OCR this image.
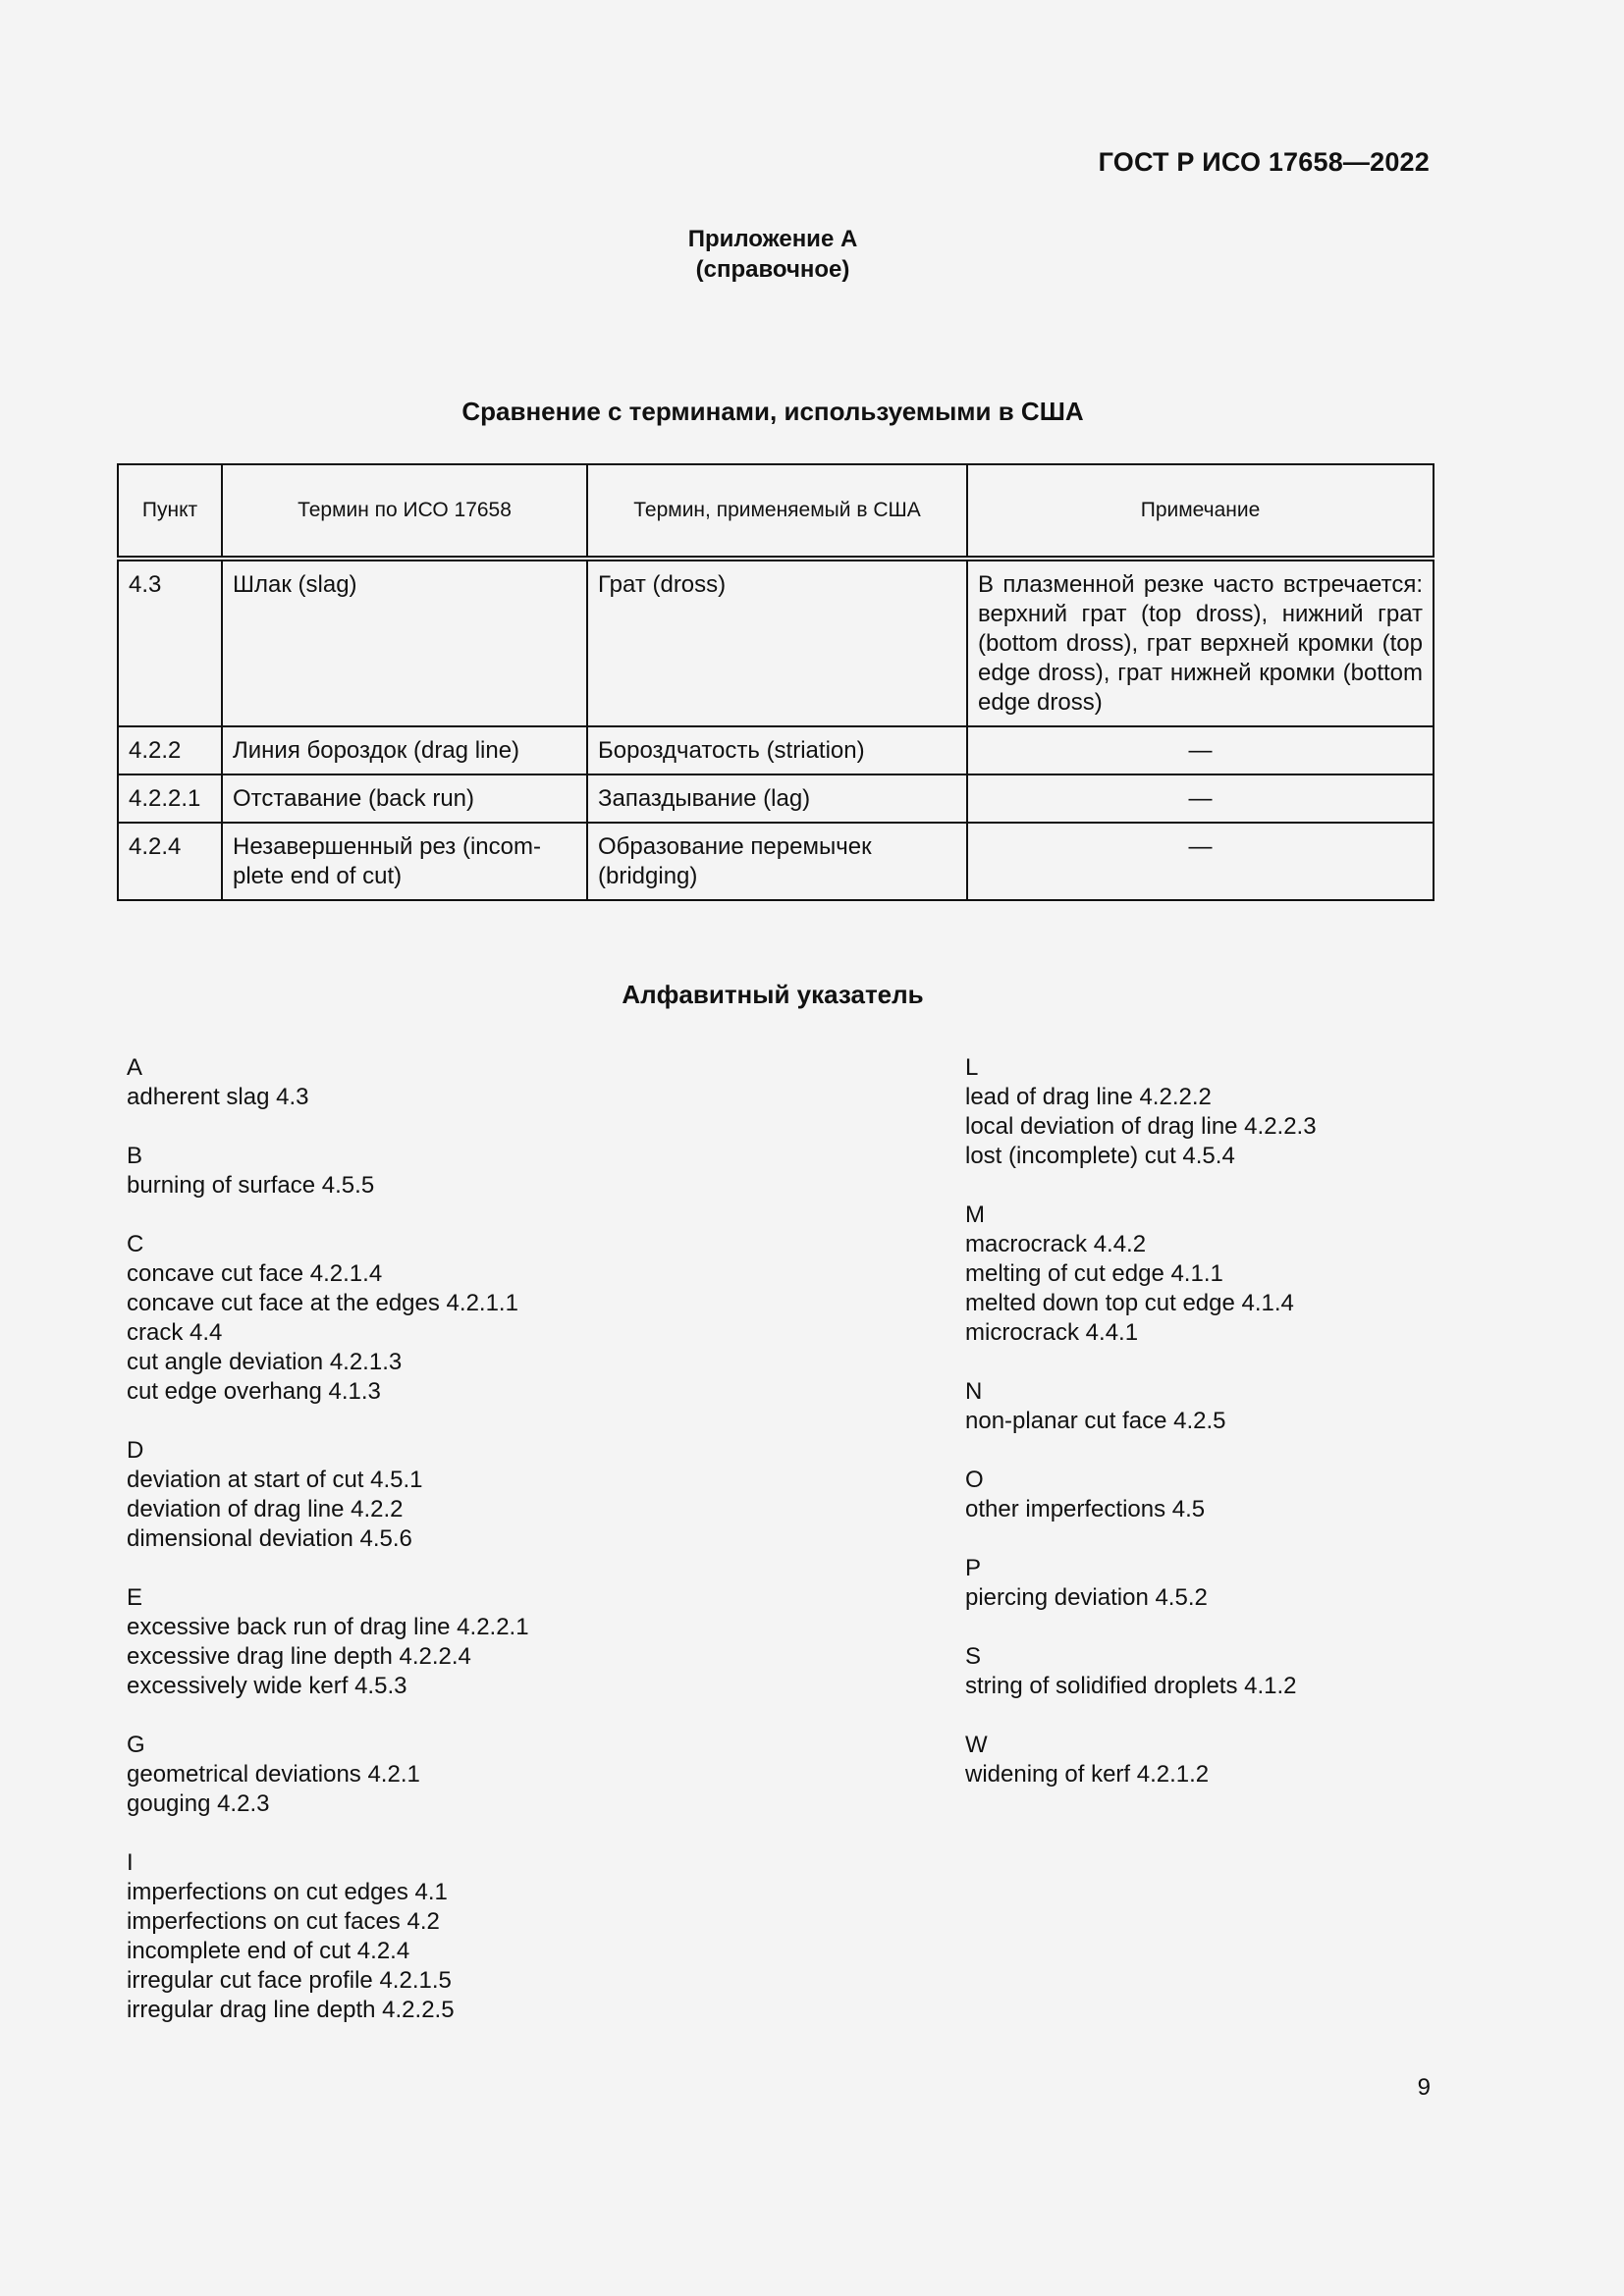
ГОСТ Р ИСО 17658—2022
Приложение А
(справочное)
Сравнение с терминами, используемыми в США
Пункт	Термин по ИСО 17658	Термин, применяемый в США	Примечание
4.3	Шлак (slag)	Грат (dross)	В плазменной резке часто встречается: верхний грат (top dross), нижний грат (bottom dross), грат верхней кромки (top edge dross), грат нижней кромки (bottom edge dross)
4.2.2	Линия бороздок (drag line)	Бороздчатость (striation)	—
4.2.2.1	Отставание (back run)	Запаздывание (lag)	—
4.2.4	Незавершенный рез (incom-plete end of cut)	Образование перемычек (bridging)	—
Алфавитный указатель
A
adherent slag 4.3
B
burning of surface 4.5.5
C
concave cut face 4.2.1.4
concave cut face at the edges 4.2.1.1
crack 4.4
cut angle deviation 4.2.1.3
cut edge overhang 4.1.3
D
deviation at start of cut 4.5.1
deviation of drag line 4.2.2
dimensional deviation 4.5.6
E
excessive back run of drag line 4.2.2.1
excessive drag line depth 4.2.2.4
excessively wide kerf 4.5.3
G
geometrical deviations 4.2.1
gouging 4.2.3
I
imperfections on cut edges 4.1
imperfections on cut faces 4.2
incomplete end of cut 4.2.4
irregular cut face profile 4.2.1.5
irregular drag line depth 4.2.2.5
L
lead of drag line 4.2.2.2
local deviation of drag line 4.2.2.3
lost (incomplete) cut 4.5.4
M
macrocrack 4.4.2
melting of cut edge 4.1.1
melted down top cut edge 4.1.4
microcrack 4.4.1
N
non-planar cut face 4.2.5
O
other imperfections 4.5
P
piercing deviation 4.5.2
S
string of solidified droplets 4.1.2
W
widening of kerf 4.2.1.2
9
